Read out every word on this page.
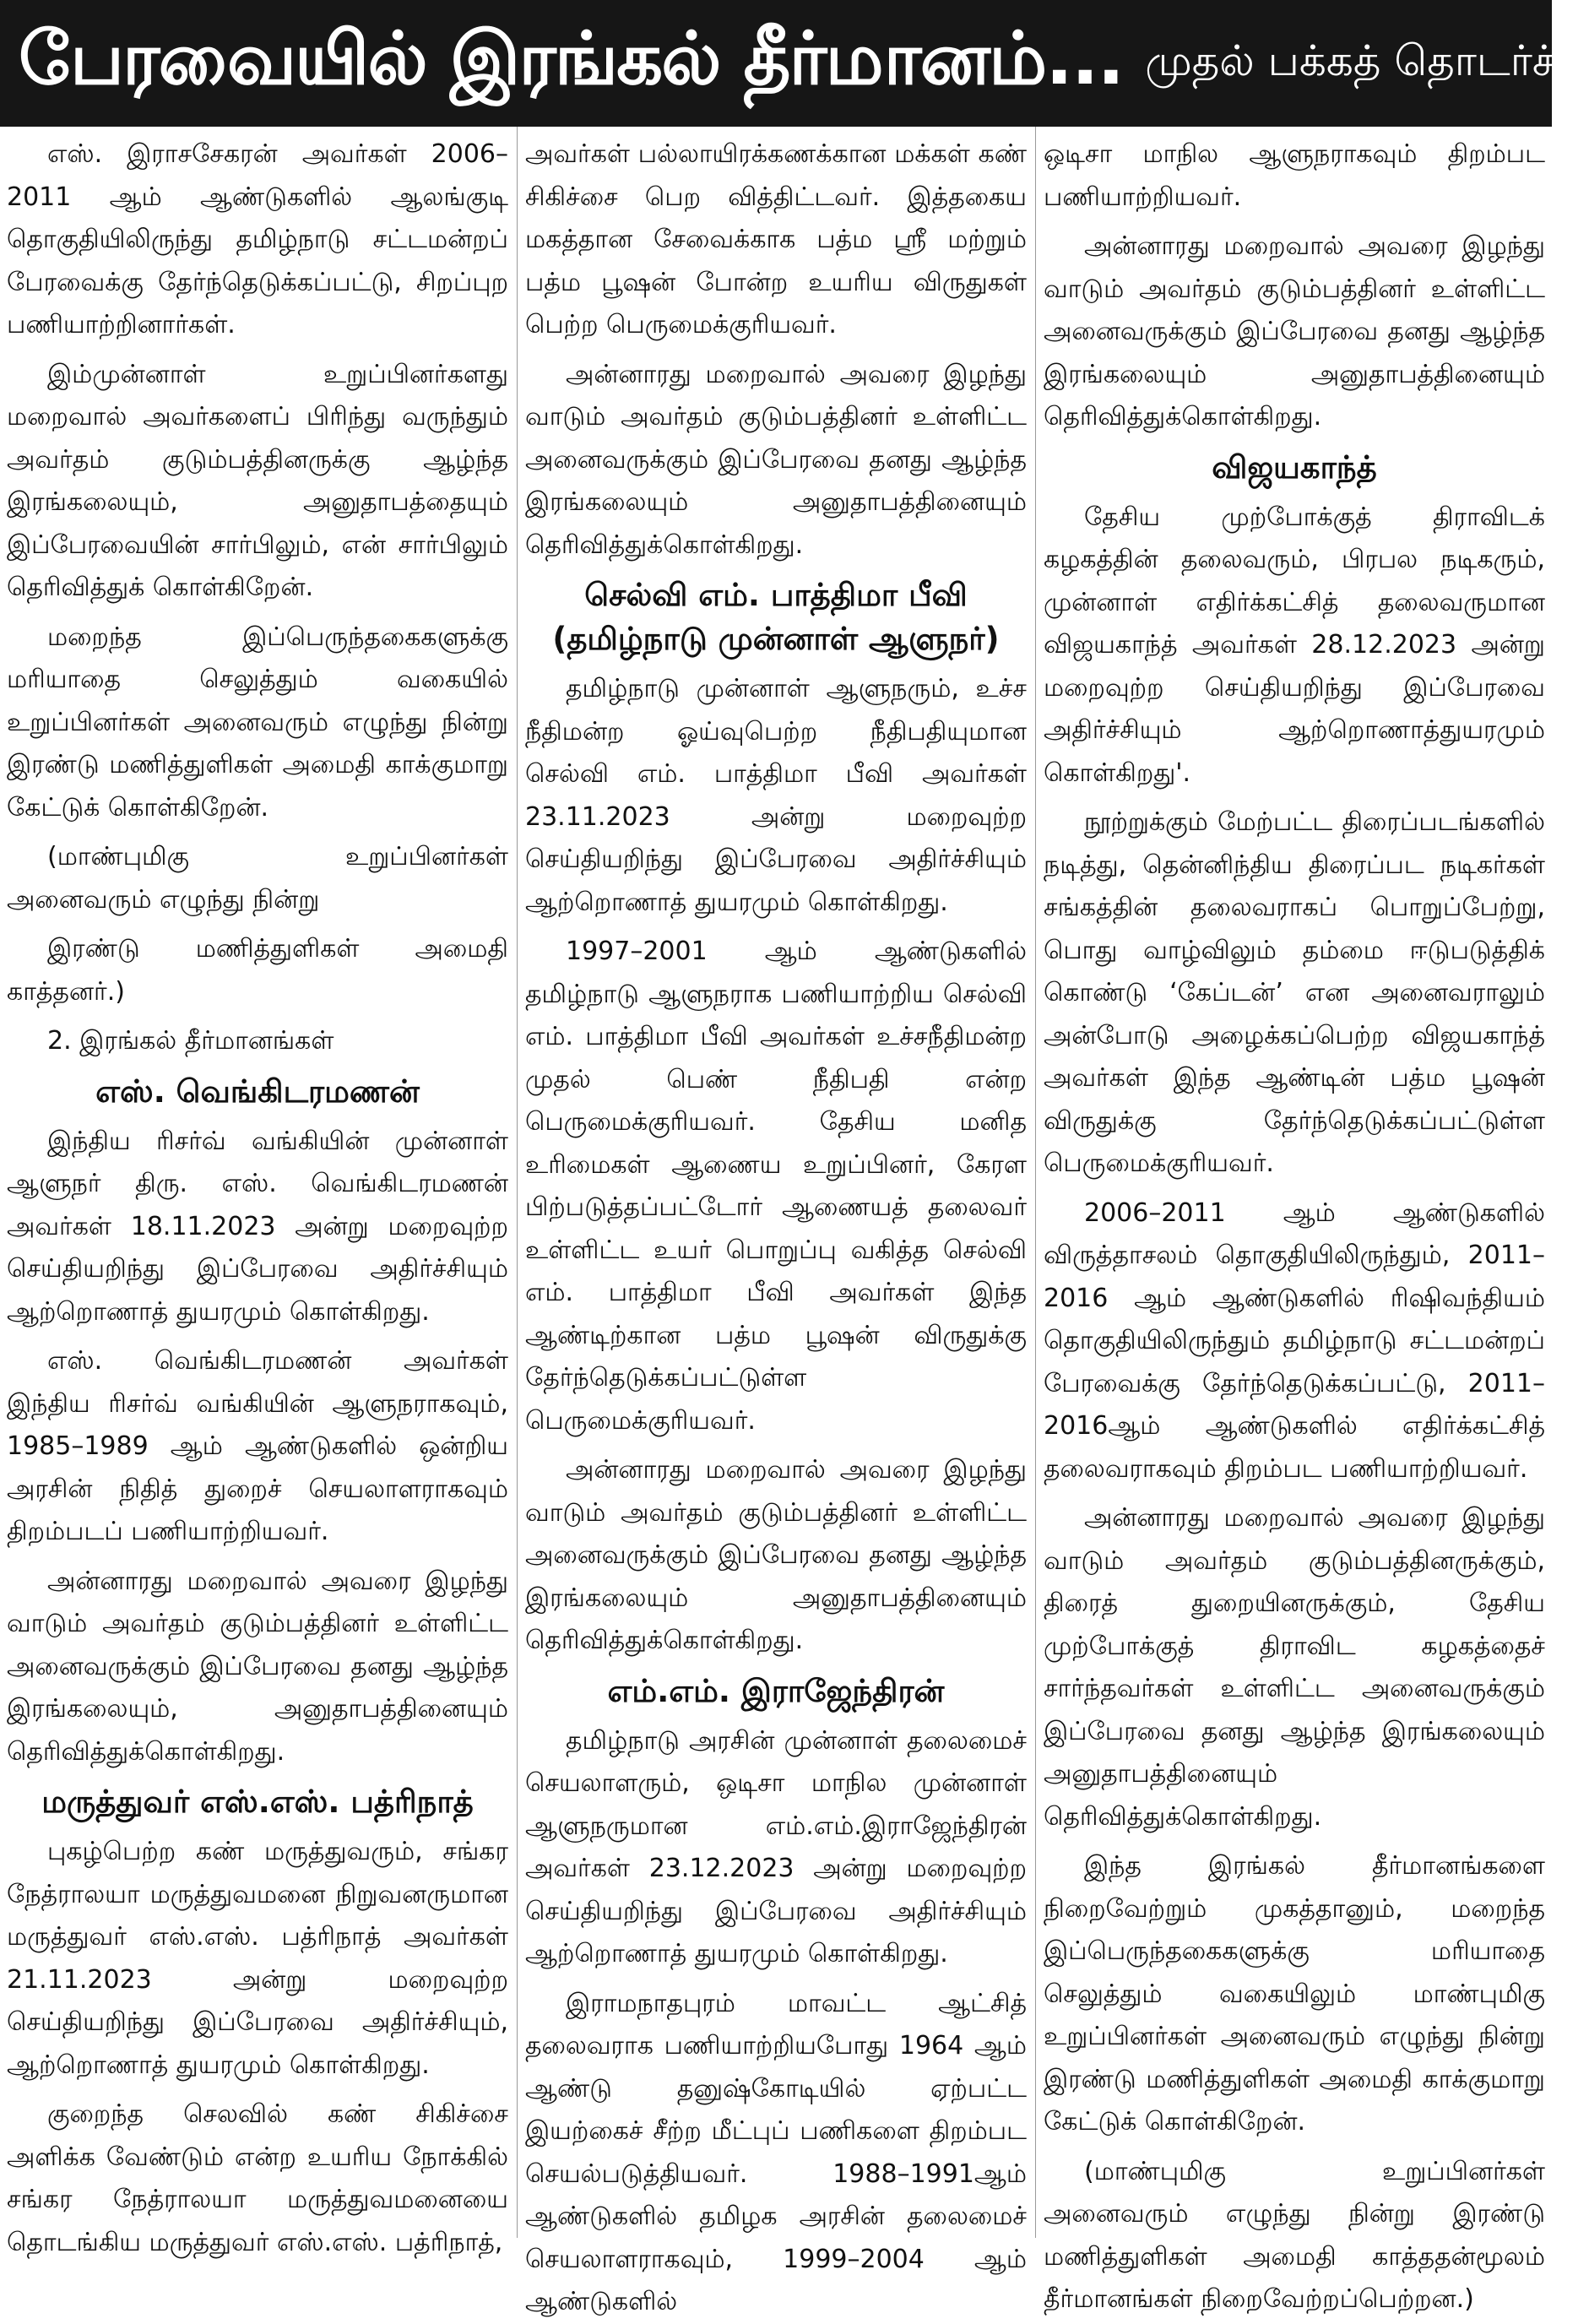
பேரவையில் இரங்கல் தீர்மானம்... முதல் பக்கத் தொடர்ச்சி

எஸ். இராசசேகரன் அவர்கள் 2006–2011 ஆம் ஆண்டுகளில் ஆலங்குடி தொகுதியிலிருந்து தமிழ்நாடு சட்டமன்றப் பேரவைக்கு தேர்ந்தெடுக்கப்பட்டு, சிறப்புற பணியாற்றினார்கள்.

இம்முன்னாள் உறுப்பினர்களது மறைவால் அவர்களைப் பிரிந்து வருந்தும் அவர்தம் குடும்பத்தினருக்கு ஆழ்ந்த இரங்கலையும், அனுதாபத்தையும் இப்பேரவையின் சார்பிலும், என் சார்பிலும் தெரிவித்துக் கொள்கிறேன்.

மறைந்த இப்பெருந்தகைகளுக்கு மரியாதை செலுத்தும் வகையில் உறுப்பினர்கள் அனைவரும் எழுந்து நின்று இரண்டு மணித்துளிகள் அமைதி காக்குமாறு கேட்டுக் கொள்கிறேன்.

(மாண்புமிகு உறுப்பினர்கள் அனைவரும் எழுந்து நின்று

இரண்டு மணித்துளிகள் அமைதி காத்தனர்.)

2. இரங்கல் தீர்மானங்கள்

எஸ். வெங்கிடரமணன்

இந்திய ரிசர்வ் வங்கியின் முன்னாள் ஆளுநர் திரு. எஸ். வெங்கிடரமணன் அவர்கள் 18.11.2023 அன்று மறைவுற்ற செய்தியறிந்து இப்பேரவை அதிர்ச்சியும் ஆற்றொணாத் துயரமும் கொள்கிறது.

எஸ். வெங்கிடரமணன் அவர்கள் இந்திய ரிசர்வ் வங்கியின் ஆளுநராகவும், 1985–1989 ஆம் ஆண்டுகளில் ஒன்றிய அரசின் நிதித் துறைச் செயலாளராகவும் திறம்படப் பணியாற்றியவர்.

அன்னாரது மறைவால் அவரை இழந்து வாடும் அவர்தம் குடும்பத்தினர் உள்ளிட்ட அனைவருக்கும் இப்பேரவை தனது ஆழ்ந்த இரங்கலையும், அனுதாபத்தினையும் தெரிவித்துக்கொள்கிறது.

மருத்துவர் எஸ்.எஸ். பத்ரிநாத்

புகழ்பெற்ற கண் மருத்துவரும், சங்கர நேத்ராலயா மருத்துவமனை நிறுவனருமான மருத்துவர் எஸ்.எஸ். பத்ரிநாத் அவர்கள் 21.11.2023 அன்று மறைவுற்ற செய்தியறிந்து இப்பேரவை அதிர்ச்சியும், ஆற்றொணாத் துயரமும் கொள்கிறது.

குறைந்த செலவில் கண் சிகிச்சை அளிக்க வேண்டும் என்ற உயரிய நோக்கில் சங்கர நேத்ராலயா மருத்துவமனையை தொடங்கிய மருத்துவர் எஸ்.எஸ். பத்ரிநாத்,

அவர்கள் பல்லாயிரக்கணக்கான மக்கள் கண் சிகிச்சை பெற வித்திட்டவர். இத்தகைய மகத்தான சேவைக்காக பத்ம ஸ்ரீ மற்றும் பத்ம பூஷன் போன்ற உயரிய விருதுகள் பெற்ற பெருமைக்குரியவர்.

அன்னாரது மறைவால் அவரை இழந்து வாடும் அவர்தம் குடும்பத்தினர் உள்ளிட்ட அனைவருக்கும் இப்பேரவை தனது ஆழ்ந்த இரங்கலையும் அனுதாபத்தினையும் தெரிவித்துக்கொள்கிறது.

செல்வி எம். பாத்திமா பீவி
(தமிழ்நாடு முன்னாள் ஆளுநர்)

தமிழ்நாடு முன்னாள் ஆளுநரும், உச்ச நீதிமன்ற ஓய்வுபெற்ற நீதிபதியுமான செல்வி எம். பாத்திமா பீவி அவர்கள் 23.11.2023 அன்று மறைவுற்ற செய்தியறிந்து இப்பேரவை அதிர்ச்சியும் ஆற்றொணாத் துயரமும் கொள்கிறது.

1997–2001 ஆம் ஆண்டுகளில் தமிழ்நாடு ஆளுநராக பணியாற்றிய செல்வி எம். பாத்திமா பீவி அவர்கள் உச்சநீதிமன்ற முதல் பெண் நீதிபதி என்ற பெருமைக்குரியவர். தேசிய மனித உரிமைகள் ஆணைய உறுப்பினர், கேரள பிற்படுத்தப்பட்டோர் ஆணையத் தலைவர் உள்ளிட்ட உயர் பொறுப்பு வகித்த செல்வி எம். பாத்திமா பீவி அவர்கள் இந்த ஆண்டிற்கான பத்ம பூஷன் விருதுக்கு தேர்ந்தெடுக்கப்பட்டுள்ள பெருமைக்குரியவர்.

அன்னாரது மறைவால் அவரை இழந்து வாடும் அவர்தம் குடும்பத்தினர் உள்ளிட்ட அனைவருக்கும் இப்பேரவை தனது ஆழ்ந்த இரங்கலையும் அனுதாபத்தினையும் தெரிவித்துக்கொள்கிறது.

எம்.எம். இராஜேந்திரன்

தமிழ்நாடு அரசின் முன்னாள் தலைமைச் செயலாளரும், ஒடிசா மாநில முன்னாள் ஆளுநருமான எம்.எம்.இராஜேந்திரன் அவர்கள் 23.12.2023 அன்று மறைவுற்ற செய்தியறிந்து இப்பேரவை அதிர்ச்சியும் ஆற்றொணாத் துயரமும் கொள்கிறது.

இராமநாதபுரம் மாவட்ட ஆட்சித் தலைவராக பணியாற்றியபோது 1964 ஆம் ஆண்டு தனுஷ்கோடியில் ஏற்பட்ட இயற்கைச் சீற்ற மீட்புப் பணிகளை திறம்பட செயல்படுத்தியவர். 1988–1991ஆம் ஆண்டுகளில் தமிழக அரசின் தலைமைச் செயலாளராகவும், 1999–2004 ஆம் ஆண்டுகளில்

ஒடிசா மாநில ஆளுநராகவும் திறம்பட பணியாற்றியவர்.

அன்னாரது மறைவால் அவரை இழந்து வாடும் அவர்தம் குடும்பத்தினர் உள்ளிட்ட அனைவருக்கும் இப்பேரவை தனது ஆழ்ந்த இரங்கலையும் அனுதாபத்தினையும் தெரிவித்துக்கொள்கிறது.

விஜயகாந்த்

தேசிய முற்போக்குத் திராவிடக் கழகத்தின் தலைவரும், பிரபல நடிகரும், முன்னாள் எதிர்க்கட்சித் தலைவருமான விஜயகாந்த் அவர்கள் 28.12.2023 அன்று மறைவுற்ற செய்தியறிந்து இப்பேரவை அதிர்ச்சியும் ஆற்றொணாத்துயரமும் கொள்கிறது'.

நூற்றுக்கும் மேற்பட்ட திரைப்படங்களில் நடித்து, தென்னிந்திய திரைப்பட நடிகர்கள் சங்கத்தின் தலைவராகப் பொறுப்பேற்று, பொது வாழ்விலும் தம்மை ஈடுபடுத்திக் கொண்டு ‘கேப்டன்’ என அனைவராலும் அன்போடு அழைக்கப்பெற்ற விஜயகாந்த் அவர்கள் இந்த ஆண்டின் பத்ம பூஷன் விருதுக்கு தேர்ந்தெடுக்கப்பட்டுள்ள பெருமைக்குரியவர்.

2006–2011 ஆம் ஆண்டுகளில் விருத்தாசலம் தொகுதியிலிருந்தும், 2011–2016 ஆம் ஆண்டுகளில் ரிஷிவந்தியம் தொகுதியிலிருந்தும் தமிழ்நாடு சட்டமன்றப் பேரவைக்கு தேர்ந்தெடுக்கப்பட்டு, 2011–2016ஆம் ஆண்டுகளில் எதிர்க்கட்சித் தலைவராகவும் திறம்பட பணியாற்றியவர்.

அன்னாரது மறைவால் அவரை இழந்து வாடும் அவர்தம் குடும்பத்தினருக்கும், திரைத் துறையினருக்கும், தேசிய முற்போக்குத் திராவிட கழகத்தைச் சார்ந்தவர்கள் உள்ளிட்ட அனைவருக்கும் இப்பேரவை தனது ஆழ்ந்த இரங்கலையும் அனுதாபத்தினையும் தெரிவித்துக்கொள்கிறது.

இந்த இரங்கல் தீர்மானங்களை நிறைவேற்றும் முகத்தானும், மறைந்த இப்பெருந்தகைகளுக்கு மரியாதை செலுத்தும் வகையிலும் மாண்புமிகு உறுப்பினர்கள் அனைவரும் எழுந்து நின்று இரண்டு மணித்துளிகள் அமைதி காக்குமாறு கேட்டுக் கொள்கிறேன்.

(மாண்புமிகு உறுப்பினர்கள் அனைவரும் எழுந்து நின்று இரண்டு மணித்துளிகள் அமைதி காத்ததன்மூலம் தீர்மானங்கள் நிறைவேற்றப்பெற்றன.)
